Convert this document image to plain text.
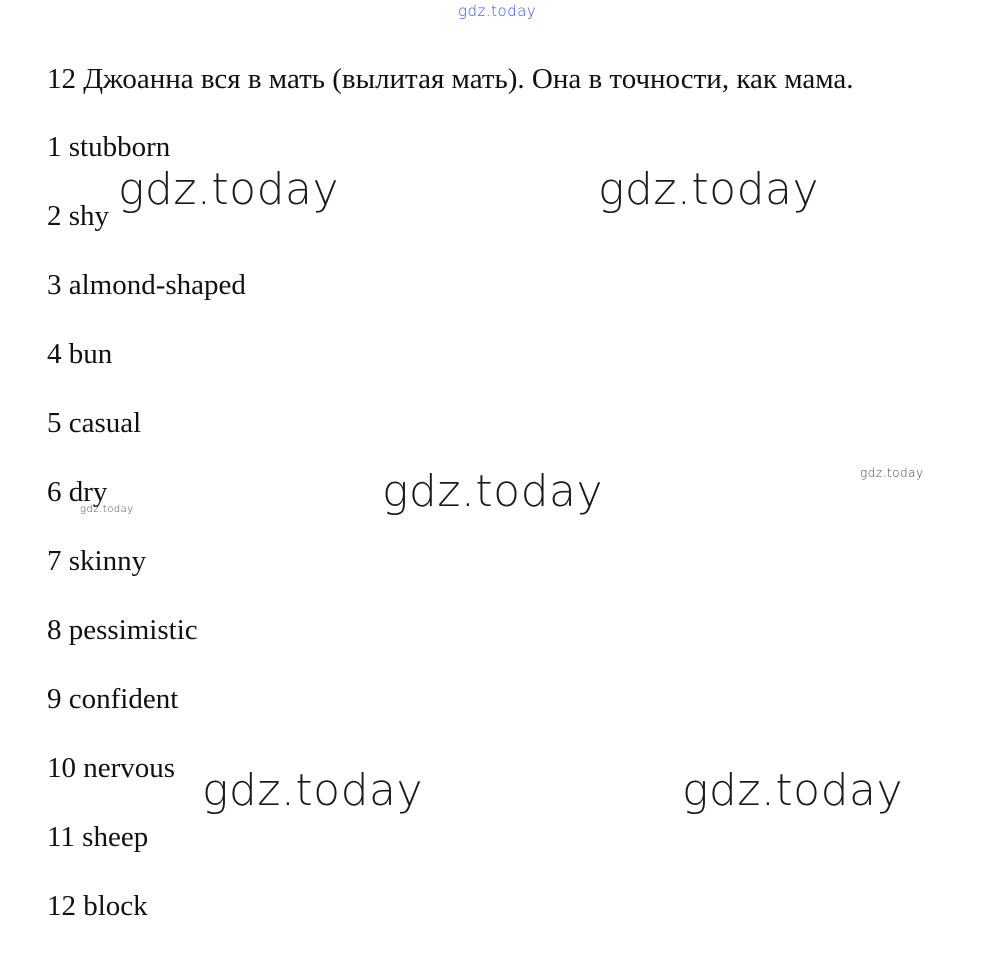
gdz.today
12 Джоанна вся в мать (вылитая мать). Она в точности, как мама.
1 stubborn
2 shy
3 almond-shaped
4 bun
5 casual
6 dry
7 skinny
8 pessimistic
9 confident
10 nervous
11 sheep
12 block
gdz.today	gdz.today
gdz.today	gdz.today
gdz.today
gdz.today	gdz.today
